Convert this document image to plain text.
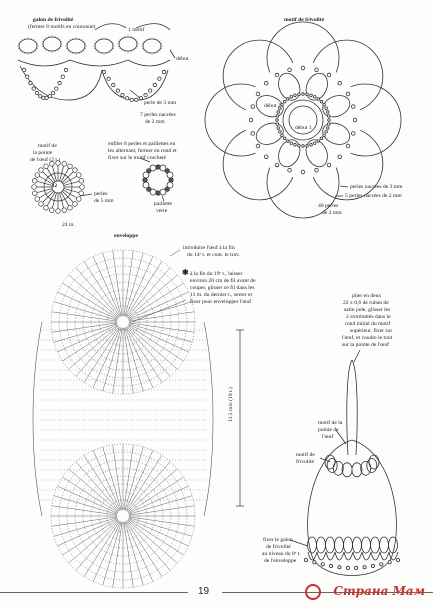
galon de frivolité
(fermer 8 motifs en couronne)	1 motif
début
perle de 3 mm
7 perles nacrées
de 2 mm
motif de frivolité
début 2
début 1
perles nacrées de 3 mm
5 perles nacrées de 2 mm
40 perles
de 2 mm
motif de
la pointe
de l'œuf (2 t.)
12
perles
de 5 mm
24 m.
enfiler 8 perles et paillettes en
les alternant, fermer en rond et
fixer sur le motif crocheté
paillette
verte
enveloppe
introduire l'œuf à la fin
du 14ᵉ t. et cont. le trav.
✱ à la fin du 19ᵉ t., laisser
environ 20 cm de fil avant de
couper, glisser ce fil dans les
11 m. du dernier t., serrer et
fixer pour envelopper l'œuf
11,5 mm (19 t.)
plier en deux
22 x 0,6 de ruban de
satin jade, glisser les
2 extrémités dans le
rond initial du motif
supérieur, fixer sur
l'œuf, et coudre le tout
sur la pointe de l'œuf
motif de la
pointe de
l'œuf
motif de
frivolité
fixer le galon
de frivolité
au niveau du 8ᵉ t.
de l'enveloppe
19	Страна Мам
